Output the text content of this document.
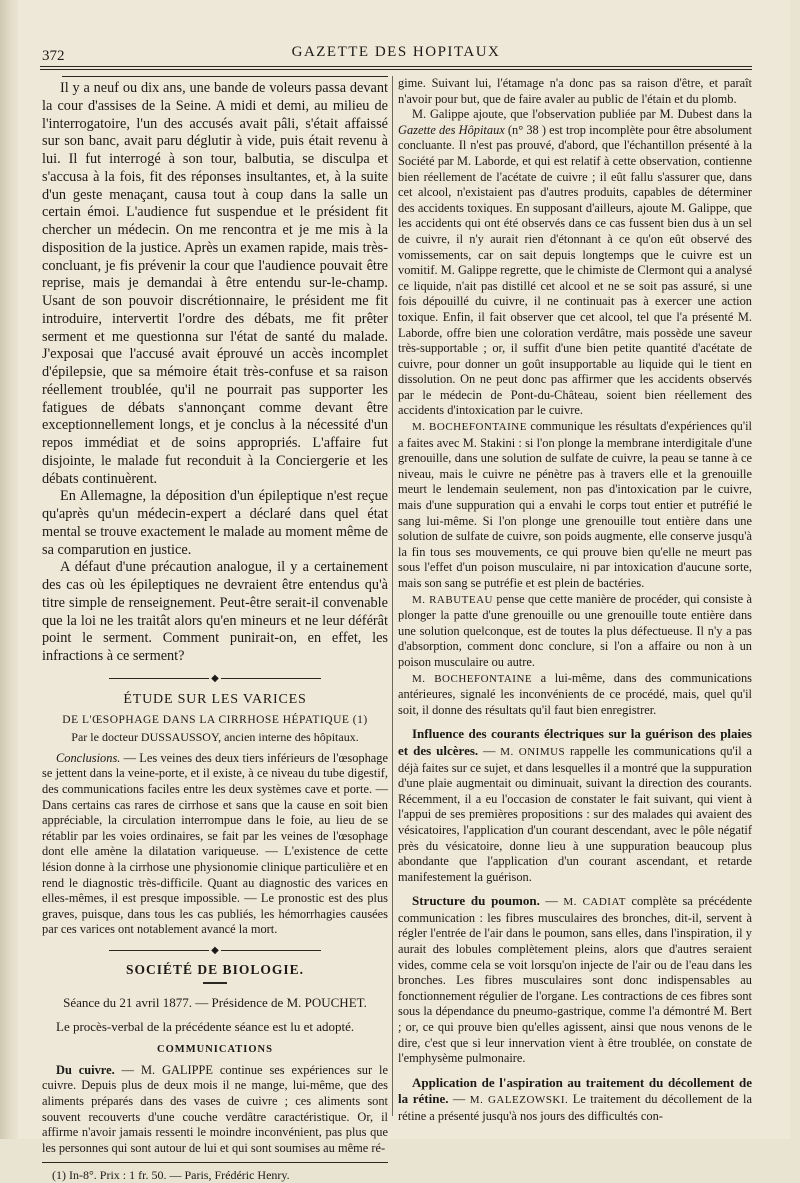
372	GAZETTE DES HOPITAUX

Il y a neuf ou dix ans, une bande de voleurs passa devant la cour d'assises de la Seine. A midi et demi, au milieu de l'interrogatoire, l'un des accusés avait pâli, s'était affaissé sur son banc, avait paru déglutir à vide, puis était revenu à lui. Il fut interrogé à son tour, balbutia, se disculpa et s'accusa à la fois, fit des réponses insultantes, et, à la suite d'un geste menaçant, causa tout à coup dans la salle un certain émoi. L'audience fut suspendue et le président fit chercher un médecin. On me rencontra et je me mis à la disposition de la justice. Après un examen rapide, mais très-concluant, je fis prévenir la cour que l'audience pouvait être reprise, mais je demandai à être entendu sur-le-champ. Usant de son pouvoir discrétionnaire, le président me fit introduire, intervertit l'ordre des débats, me fit prêter serment et me questionna sur l'état de santé du malade. J'exposai que l'accusé avait éprouvé un accès incomplet d'épilepsie, que sa mémoire était très-confuse et sa raison réellement troublée, qu'il ne pourrait pas supporter les fatigues de débats s'annonçant comme devant être exceptionnellement longs, et je conclus à la nécessité d'un repos immédiat et de soins appropriés. L'affaire fut disjointe, le malade fut reconduit à la Conciergerie et les débats continuèrent.

En Allemagne, la déposition d'un épileptique n'est reçue qu'après qu'un médecin-expert a déclaré dans quel état mental se trouve exactement le malade au moment même de sa comparution en justice.

A défaut d'une précaution analogue, il y a certainement des cas où les épileptiques ne devraient être entendus qu'à titre simple de renseignement. Peut-être serait-il convenable que la loi ne les traitât alors qu'en mineurs et ne leur déférât point le serment. Comment punirait-on, en effet, les infractions à ce serment?

◆
ÉTUDE SUR LES VARICES
DE L'ŒSOPHAGE DANS LA CIRRHOSE HÉPATIQUE (1)
Par le docteur DUSSAUSSOY, ancien interne des hôpitaux.

Conclusions. — Les veines des deux tiers inférieurs de l'œsophage se jettent dans la veine-porte, et il existe, à ce niveau du tube digestif, des communications faciles entre les deux systèmes cave et porte. — Dans certains cas rares de cirrhose et sans que la cause en soit bien appréciable, la circulation interrompue dans le foie, au lieu de se rétablir par les voies ordinaires, se fait par les veines de l'œsophage dont elle amène la dilatation variqueuse. — L'existence de cette lésion donne à la cirrhose une physionomie clinique particulière et en rend le diagnostic très-difficile. Quant au diagnostic des varices en elles-mêmes, il est presque impossible. — Le pronostic est des plus graves, puisque, dans tous les cas publiés, les hémorrhagies causées par ces varices ont notablement avancé la mort.

◆
SOCIÉTÉ DE BIOLOGIE.
Séance du 21 avril 1877. — Présidence de M. POUCHET.

Le procès-verbal de la précédente séance est lu et adopté.

COMMUNICATIONS

Du cuivre. — M. GALIPPE continue ses expériences sur le cuivre. Depuis plus de deux mois il ne mange, lui-même, que des aliments préparés dans des vases de cuivre ; ces aliments sont souvent recouverts d'une couche verdâtre caractéristique. Or, il affirme n'avoir jamais ressenti le moindre inconvénient, pas plus que les personnes qui sont autour de lui et qui sont soumises au même ré-

(1) In-8°. Prix : 1 fr. 50. — Paris, Frédéric Henry.

gime. Suivant lui, l'étamage n'a donc pas sa raison d'être, et paraît n'avoir pour but, que de faire avaler au public de l'étain et du plomb.

M. Galippe ajoute, que l'observation publiée par M. Dubest dans la Gazette des Hôpitaux (n° 38 ) est trop incomplète pour être absolument concluante. Il n'est pas prouvé, d'abord, que l'échantillon présenté à la Société par M. Laborde, et qui est relatif à cette observation, contienne bien réellement de l'acétate de cuivre ; il eût fallu s'assurer que, dans cet alcool, n'existaient pas d'autres produits, capables de déterminer des accidents toxiques. En supposant d'ailleurs, ajoute M. Galippe, que les accidents qui ont été observés dans ce cas fussent bien dus à un sel de cuivre, il n'y aurait rien d'étonnant à ce qu'on eût observé des vomissements, car on sait depuis longtemps que le cuivre est un vomitif. M. Galippe regrette, que le chimiste de Clermont qui a analysé ce liquide, n'ait pas distillé cet alcool et ne se soit pas assuré, si une fois dépouillé du cuivre, il ne continuait pas à exercer une action toxique. Enfin, il fait observer que cet alcool, tel que l'a présenté M. Laborde, offre bien une coloration verdâtre, mais possède une saveur très-supportable ; or, il suffit d'une bien petite quantité d'acétate de cuivre, pour donner un goût insupportable au liquide qui le tient en dissolution. On ne peut donc pas affirmer que les accidents observés par le médecin de Pont-du-Château, soient bien réellement des accidents d'intoxication par le cuivre.

M. BOCHEFONTAINE communique les résultats d'expériences qu'il a faites avec M. Stakini : si l'on plonge la membrane interdigitale d'une grenouille, dans une solution de sulfate de cuivre, la peau se tanne à ce niveau, mais le cuivre ne pénètre pas à travers elle et la grenouille meurt le lendemain seulement, non pas d'intoxication par le cuivre, mais d'une suppuration qui a envahi le corps tout entier et putréfié le sang lui-même. Si l'on plonge une grenouille tout entière dans une solution de sulfate de cuivre, son poids augmente, elle conserve jusqu'à la fin tous ses mouvements, ce qui prouve bien qu'elle ne meurt pas sous l'effet d'un poison musculaire, ni par intoxication d'aucune sorte, mais son sang se putréfie et est plein de bactéries.

M. RABUTEAU pense que cette manière de procéder, qui consiste à plonger la patte d'une grenouille ou une grenouille toute entière dans une solution quelconque, est de toutes la plus défectueuse. Il n'y a pas d'absorption, comment donc conclure, si l'on a affaire ou non à un poison musculaire ou autre.

M. BOCHEFONTAINE a lui-même, dans des communications antérieures, signalé les inconvénients de ce procédé, mais, quel qu'il soit, il donne des résultats qu'il faut bien enregistrer.

Influence des courants électriques sur la guérison des plaies et des ulcères. — M. ONIMUS rappelle les communications qu'il a déjà faites sur ce sujet, et dans lesquelles il a montré que la suppuration d'une plaie augmentait ou diminuait, suivant la direction des courants. Récemment, il a eu l'occasion de constater le fait suivant, qui vient à l'appui de ses premières propositions : sur des malades qui avaient des vésicatoires, l'application d'un courant descendant, avec le pôle négatif près du vésicatoire, donne lieu à une suppuration beaucoup plus abondante que l'application d'un courant ascendant, et retarde manifestement la guérison.

Structure du poumon. — M. CADIAT complète sa précédente communication : les fibres musculaires des bronches, dit-il, servent à régler l'entrée de l'air dans le poumon, sans elles, dans l'inspiration, il y aurait des lobules complètement pleins, alors que d'autres seraient vides, comme cela se voit lorsqu'on injecte de l'air ou de l'eau dans les bronches. Les fibres musculaires sont donc indispensables au fonctionnement régulier de l'organe. Les contractions de ces fibres sont sous la dépendance du pneumo-gastrique, comme l'a démontré M. Bert ; or, ce qui prouve bien qu'elles agissent, ainsi que nous venons de le dire, c'est que si leur innervation vient à être troublée, on constate de l'emphysème pulmonaire.

Application de l'aspiration au traitement du décollement de la rétine. — M. GALEZOWSKI. Le traitement du décollement de la rétine a présenté jusqu'à nos jours des difficultés con-
